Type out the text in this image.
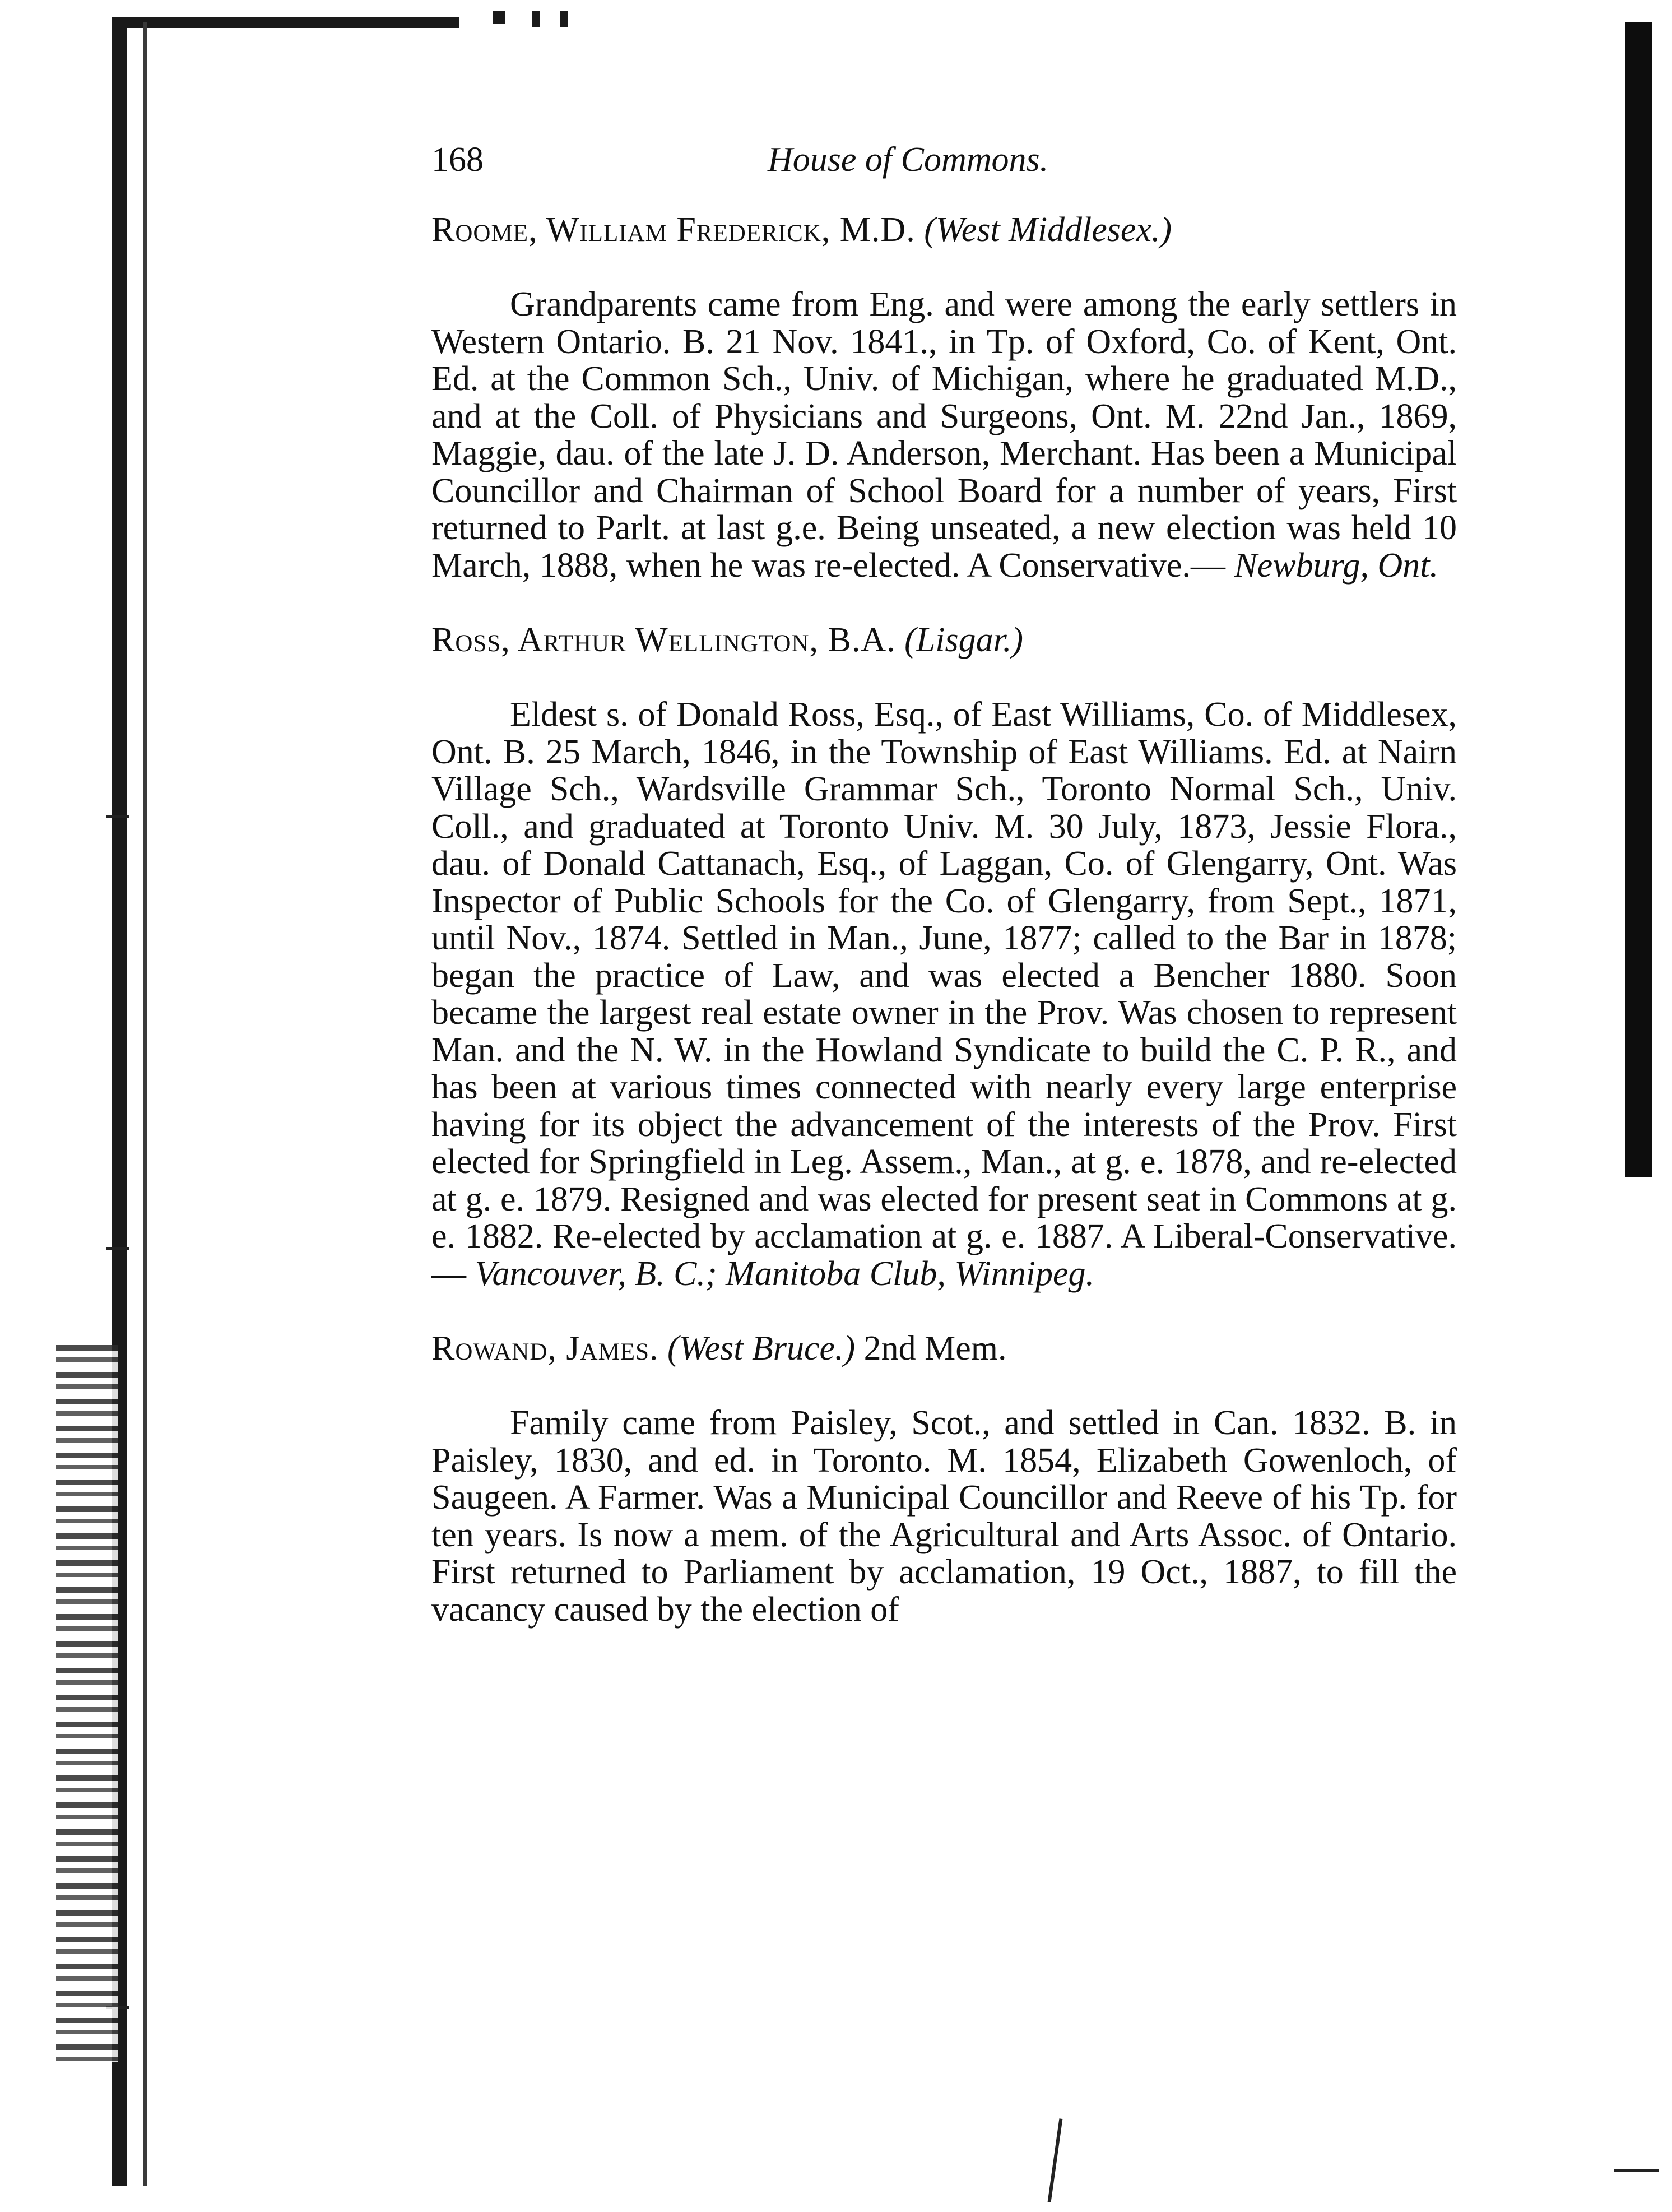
168	House of Commons.
Roome, William Frederick, M.D. (West Middlesex.)

Grandparents came from Eng. and were among the early settlers in Western Ontario. B. 21 Nov. 1841., in Tp. of Oxford, Co. of Kent, Ont. Ed. at the Common Sch., Univ. of Michigan, where he graduated M.D., and at the Coll. of Physicians and Surgeons, Ont. M. 22nd Jan., 1869, Maggie, dau. of the late J. D. Anderson, Merchant. Has been a Municipal Councillor and Chairman of School Board for a number of years, First returned to Parlt. at last g.e. Being unseated, a new election was held 10 March, 1888, when he was re-elected. A Conservative.— Newburg, Ont.

Ross, Arthur Wellington, B.A. (Lisgar.)

Eldest s. of Donald Ross, Esq., of East Williams, Co. of Middlesex, Ont. B. 25 March, 1846, in the Township of East Williams. Ed. at Nairn Village Sch., Wardsville Grammar Sch., Toronto Normal Sch., Univ. Coll., and graduated at Toronto Univ. M. 30 July, 1873, Jessie Flora., dau. of Donald Cattanach, Esq., of Laggan, Co. of Glengarry, Ont. Was Inspector of Public Schools for the Co. of Glengarry, from Sept., 1871, until Nov., 1874. Settled in Man., June, 1877; called to the Bar in 1878; began the practice of Law, and was elected a Bencher 1880. Soon became the largest real estate owner in the Prov. Was chosen to represent Man. and the N. W. in the Howland Syndicate to build the C. P. R., and has been at various times connected with nearly every large enterprise having for its object the advancement of the interests of the Prov. First elected for Springfield in Leg. Assem., Man., at g. e. 1878, and re-elected at g. e. 1879. Resigned and was elected for present seat in Commons at g. e. 1882. Re-elected by acclamation at g. e. 1887. A Liberal-Conservative.— Vancouver, B. C.; Manitoba Club, Winnipeg.

Rowand, James. (West Bruce.) 2nd Mem.

Family came from Paisley, Scot., and settled in Can. 1832. B. in Paisley, 1830, and ed. in Toronto. M. 1854, Elizabeth Gowenloch, of Saugeen. A Farmer. Was a Municipal Councillor and Reeve of his Tp. for ten years. Is now a mem. of the Agricultural and Arts Assoc. of Ontario. First returned to Parliament by acclamation, 19 Oct., 1887, to fill the vacancy caused by the election of
